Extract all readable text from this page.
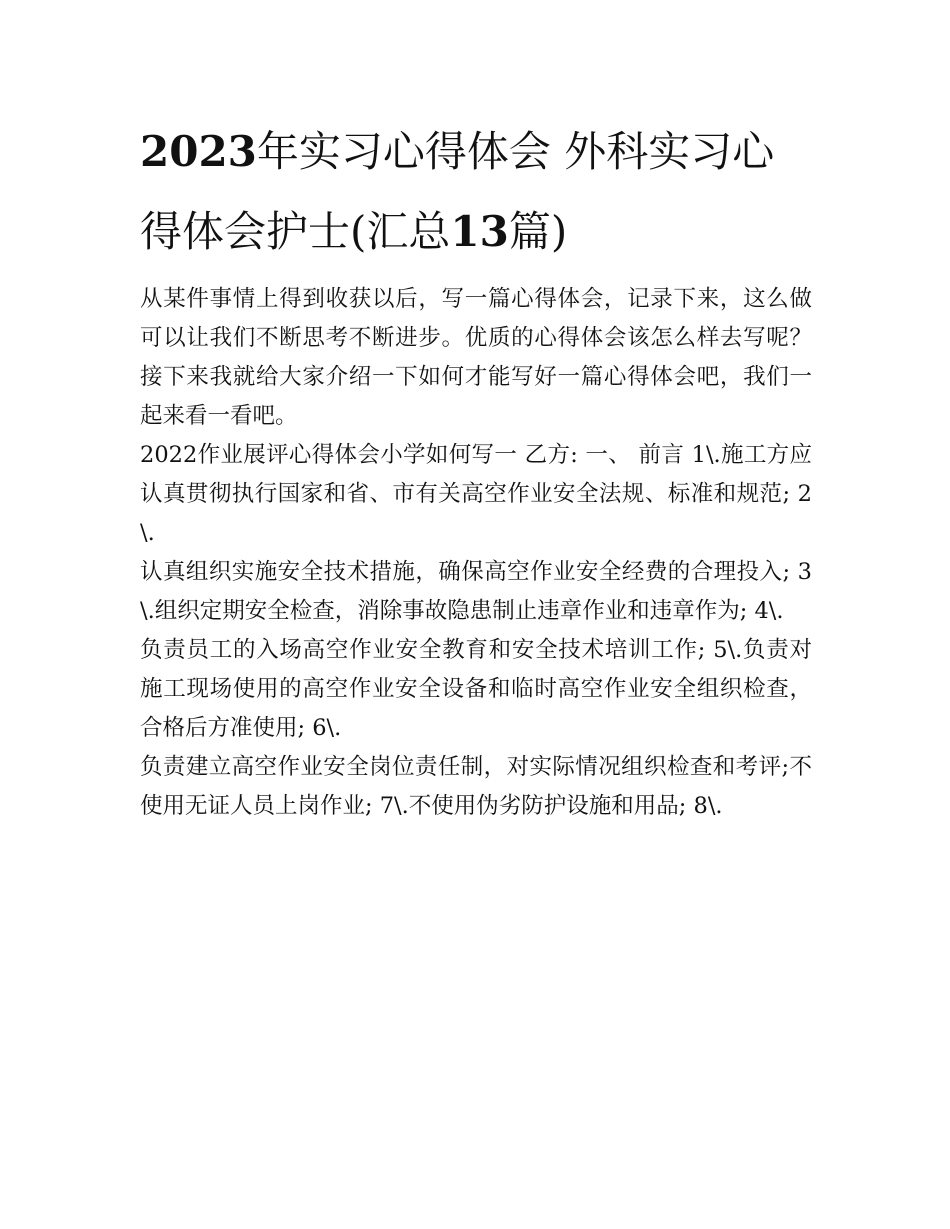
2023年实习心得体会 外科实习心得体会护士(汇总13篇)

从某件事情上得到收获以后，写一篇心得体会，记录下来，这么做可以让我们不断思考不断进步。优质的心得体会该怎么样去写呢？接下来我就给大家介绍一下如何才能写好一篇心得体会吧，我们一起来看一看吧。

2022作业展评心得体会小学如何写一 乙方: 一、 前言 1\.施工方应认真贯彻执行国家和省、市有关高空作业安全法规、标准和规范; 2\.

认真组织实施安全技术措施，确保高空作业安全经费的合理投入; 3\.组织定期安全检查，消除事故隐患制止违章作业和违章作为; 4\.

负责员工的入场高空作业安全教育和安全技术培训工作; 5\.负责对施工现场使用的高空作业安全设备和临时高空作业安全组织检查，合格后方准使用; 6\.

负责建立高空作业安全岗位责任制，对实际情况组织检查和考评;不使用无证人员上岗作业; 7\.不使用伪劣防护设施和用品; 8\.
